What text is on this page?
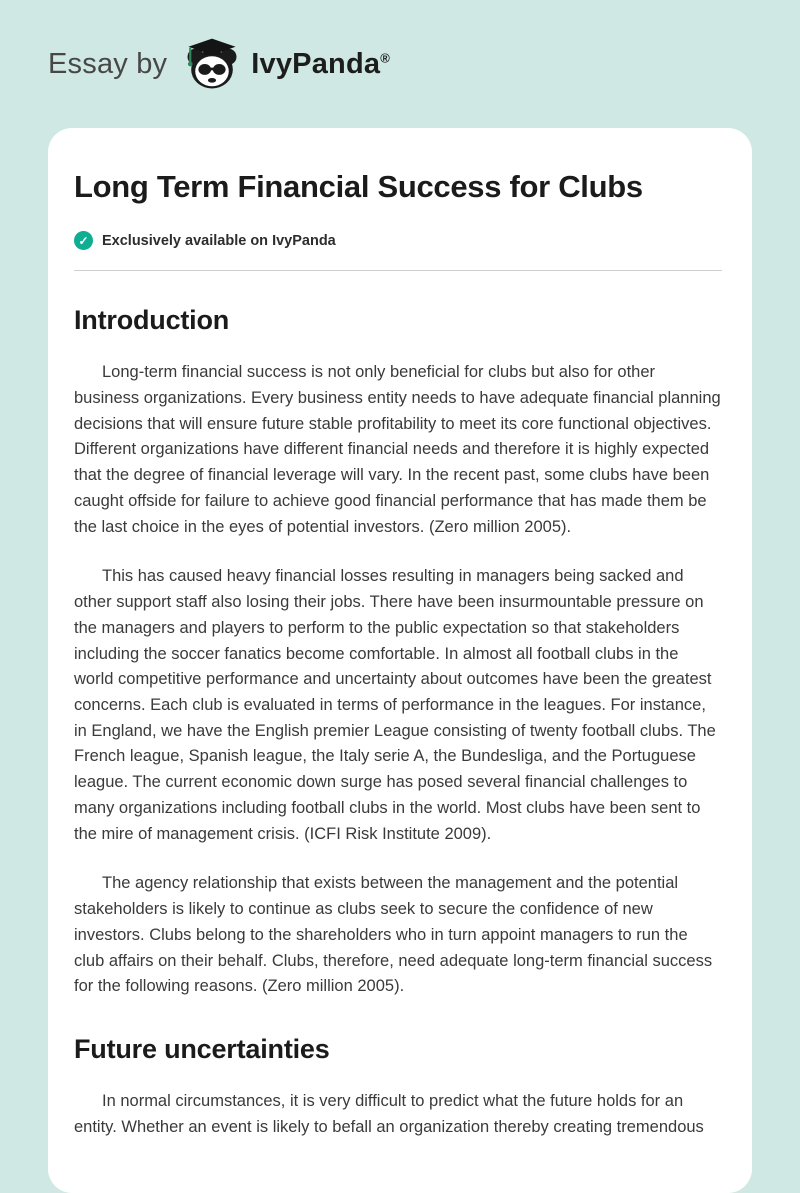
Essay by	IvyPanda®
Long Term Financial Success for Clubs
✓ Exclusively available on IvyPanda
Introduction

Long-term financial success is not only beneficial for clubs but also for other business organizations. Every business entity needs to have adequate financial planning decisions that will ensure future stable profitability to meet its core functional objectives. Different organizations have different financial needs and therefore it is highly expected that the degree of financial leverage will vary. In the recent past, some clubs have been caught offside for failure to achieve good financial performance that has made them be the last choice in the eyes of potential investors. (Zero million 2005).

This has caused heavy financial losses resulting in managers being sacked and other support staff also losing their jobs. There have been insurmountable pressure on the managers and players to perform to the public expectation so that stakeholders including the soccer fanatics become comfortable. In almost all football clubs in the world competitive performance and uncertainty about outcomes have been the greatest concerns. Each club is evaluated in terms of performance in the leagues. For instance, in England, we have the English premier League consisting of twenty football clubs. The French league, Spanish league, the Italy serie A, the Bundesliga, and the Portuguese league. The current economic down surge has posed several financial challenges to many organizations including football clubs in the world. Most clubs have been sent to the mire of management crisis. (ICFI Risk Institute 2009).

The agency relationship that exists between the management and the potential stakeholders is likely to continue as clubs seek to secure the confidence of new investors. Clubs belong to the shareholders who in turn appoint managers to run the club affairs on their behalf. Clubs, therefore, need adequate long-term financial success for the following reasons. (Zero million 2005).

Future uncertainties

In normal circumstances, it is very difficult to predict what the future holds for an entity. Whether an event is likely to befall an organization thereby creating tremendous
